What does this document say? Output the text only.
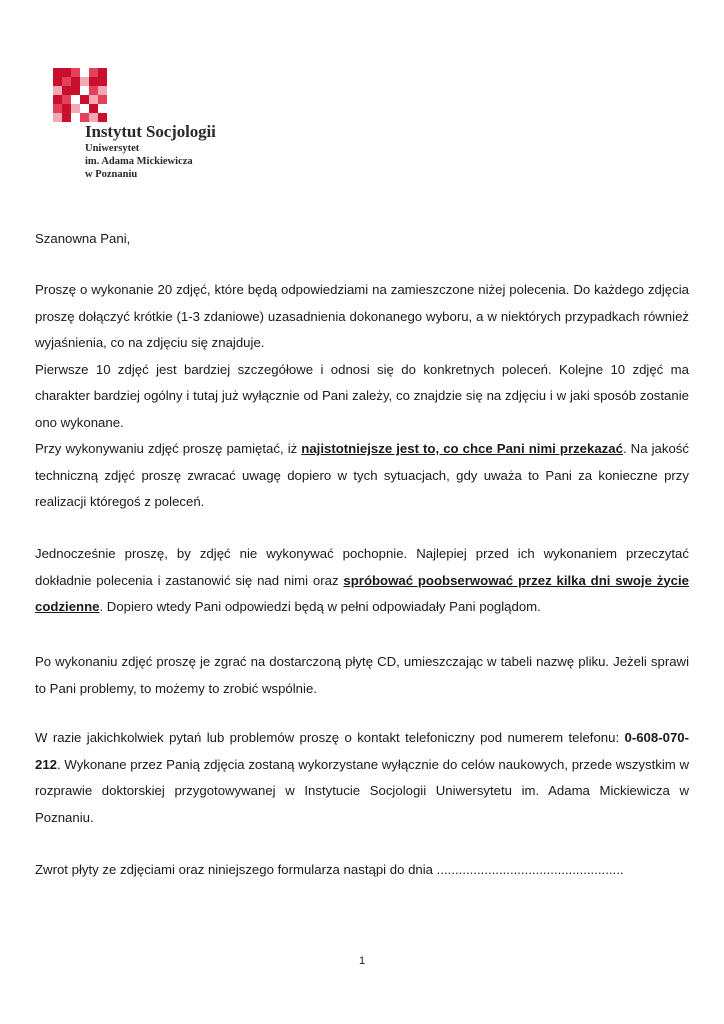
Instytut Socjologii
Uniwersytet
im. Adama Mickiewicza
w Poznaniu

Szanowna Pani,

Proszę o wykonanie 20 zdjęć, które będą odpowiedziami na zamieszczone niżej polecenia. Do każdego zdjęcia proszę dołączyć krótkie (1-3 zdaniowe) uzasadnienia dokonanego wyboru, a w niektórych przypadkach również wyjaśnienia, co na zdjęciu się znajduje.

Pierwsze 10 zdjęć jest bardziej szczegółowe i odnosi się do konkretnych poleceń. Kolejne 10 zdjęć ma charakter bardziej ogólny i tutaj już wyłącznie od Pani zależy, co znajdzie się na zdjęciu i w jaki sposób zostanie ono wykonane.

Przy wykonywaniu zdjęć proszę pamiętać, iż najistotniejsze jest to, co chce Pani nimi przekazać. Na jakość techniczną zdjęć proszę zwracać uwagę dopiero w tych sytuacjach, gdy uważa to Pani za konieczne przy realizacji któregoś z poleceń.

Jednocześnie proszę, by zdjęć nie wykonywać pochopnie. Najlepiej przed ich wykonaniem przeczytać dokładnie polecenia i zastanowić się nad nimi oraz spróbować poobserwować przez kilka dni swoje życie codzienne. Dopiero wtedy Pani odpowiedzi będą w pełni odpowiadały Pani poglądom.

Po wykonaniu zdjęć proszę je zgrać na dostarczoną płytę CD, umieszczając w tabeli nazwę pliku. Jeżeli sprawi to Pani problemy, to możemy to zrobić wspólnie.

W razie jakichkolwiek pytań lub problemów proszę o kontakt telefoniczny pod numerem telefonu: 0-608-070-212. Wykonane przez Panią zdjęcia zostaną wykorzystane wyłącznie do celów naukowych, przede wszystkim w rozprawie doktorskiej przygotowywanej w Instytucie Socjologii Uniwersytetu im. Adama Mickiewicza w Poznaniu.

Zwrot płyty ze zdjęciami oraz niniejszego formularza nastąpi do dnia ...................................................

1
